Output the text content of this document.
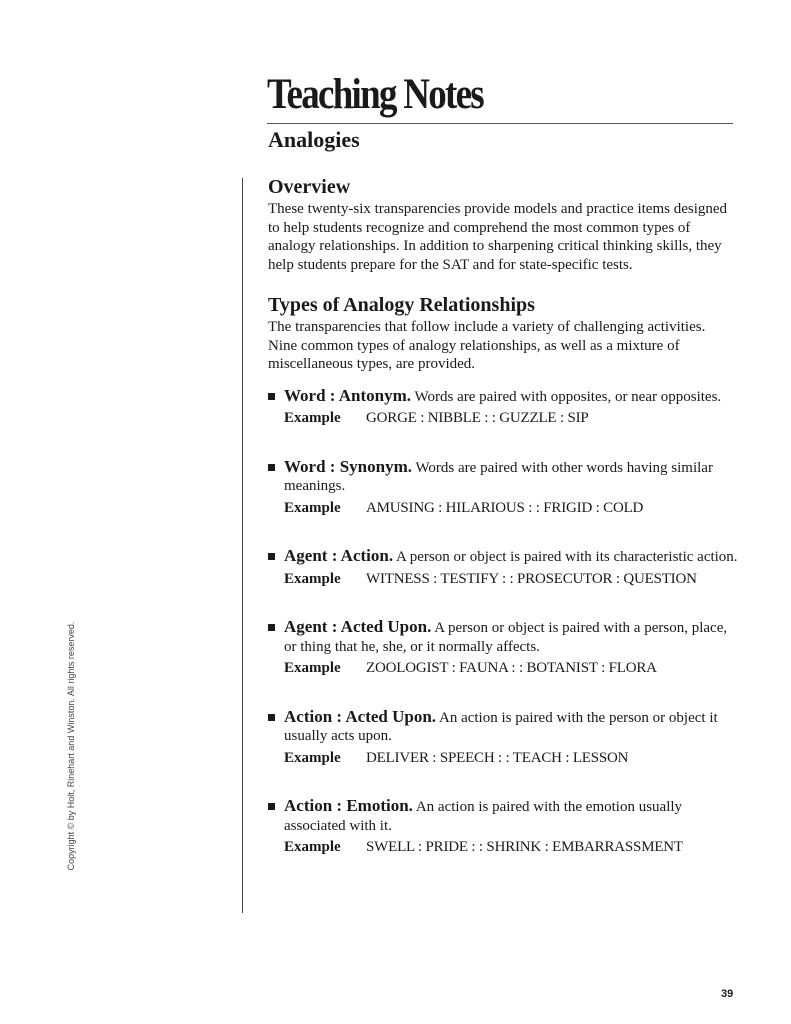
Teaching Notes
Analogies
Copyright © by Holt, Rinehart and Winston. All rights reserved.
Overview

These twenty-six transparencies provide models and practice items designed to help students recognize and comprehend the most common types of analogy relationships. In addition to sharpening critical thinking skills, they help students prepare for the SAT and for state-specific tests.

Types of Analogy Relationships

The transparencies that follow include a variety of challenging activities. Nine common types of analogy relationships, as well as a mixture of miscellaneous types, are provided.

Word : Antonym. Words are paired with opposites, or near opposites.
Example	GORGE : NIBBLE : : GUZZLE : SIP
Word : Synonym. Words are paired with other words having similar meanings.
Example	AMUSING : HILARIOUS : : FRIGID : COLD
Agent : Action. A person or object is paired with its characteristic action.
Example	WITNESS : TESTIFY : : PROSECUTOR : QUESTION
Agent : Acted Upon. A person or object is paired with a person, place, or thing that he, she, or it normally affects.
Example	ZOOLOGIST : FAUNA : : BOTANIST : FLORA
Action : Acted Upon. An action is paired with the person or object it usually acts upon.
Example	DELIVER : SPEECH : : TEACH : LESSON
Action : Emotion. An action is paired with the emotion usually associated with it.
Example	SWELL : PRIDE : : SHRINK : EMBARRASSMENT
39
